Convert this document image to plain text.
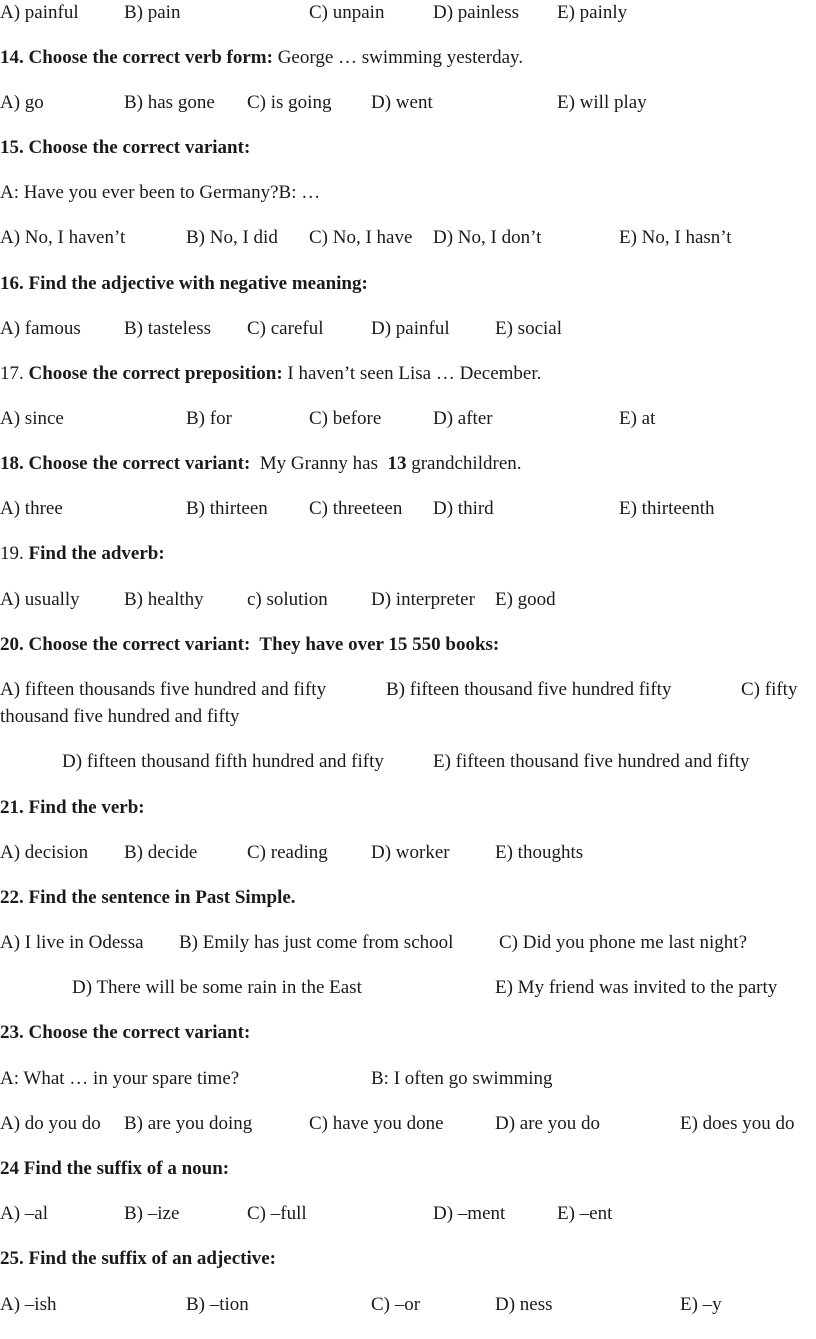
A) painful B) pain	C) unpain	D) painless E) painly
14. Choose the correct verb form: George … swimming yesterday.
A) go	B) has gone C) is going D) went	E) will play
15. Choose the correct variant:
A: Have you ever been to Germany?B: …
A) No, I haven’t	B) No, I did C) No, I have D) No, I don’t	E) No, I hasn’t
16. Find the adjective with negative meaning:
A) famous B) tasteless C) careful	D) painful E) social
17. Choose the correct preposition: I haven’t seen Lisa … December.
A) since	B) for	C) before	D) after	E) at
18. Choose the correct variant:  My Granny has  13 grandchildren.
A) three	B) thirteen C) threeteen D) third	E) thirteenth
19. Find the adverb:
A) usually B) healthy c) solution D) interpreter E) good
20. Choose the correct variant:  They have over 15 550 books:
A) fifteen thousands five hundred and fifty	B) fifteen thousand five hundred fifty	C) fifty
thousand five hundred and fifty
D) fifteen thousand fifth hundred and fifty	E) fifteen thousand five hundred and fifty
21. Find the verb:
A) decision B) decide	C) reading D) worker E) thoughts
22. Find the sentence in Past Simple.
A) I live in Odessa B) Emily has just come from school C) Did you phone me last night?
D) There will be some rain in the East	E) My friend was invited to the party
23. Choose the correct variant:
A: What … in your spare time?	B: I often go swimming
A) do you do B) are you doing	C) have you done	D) are you do	E) does you do
24 Find the suffix of a noun:
A) –al	B) –ize	C) –full	D) –ment	E) –ent
25. Find the suffix of an adjective:
A) –ish	B) –tion	C) –or	D) ness	E) –y
